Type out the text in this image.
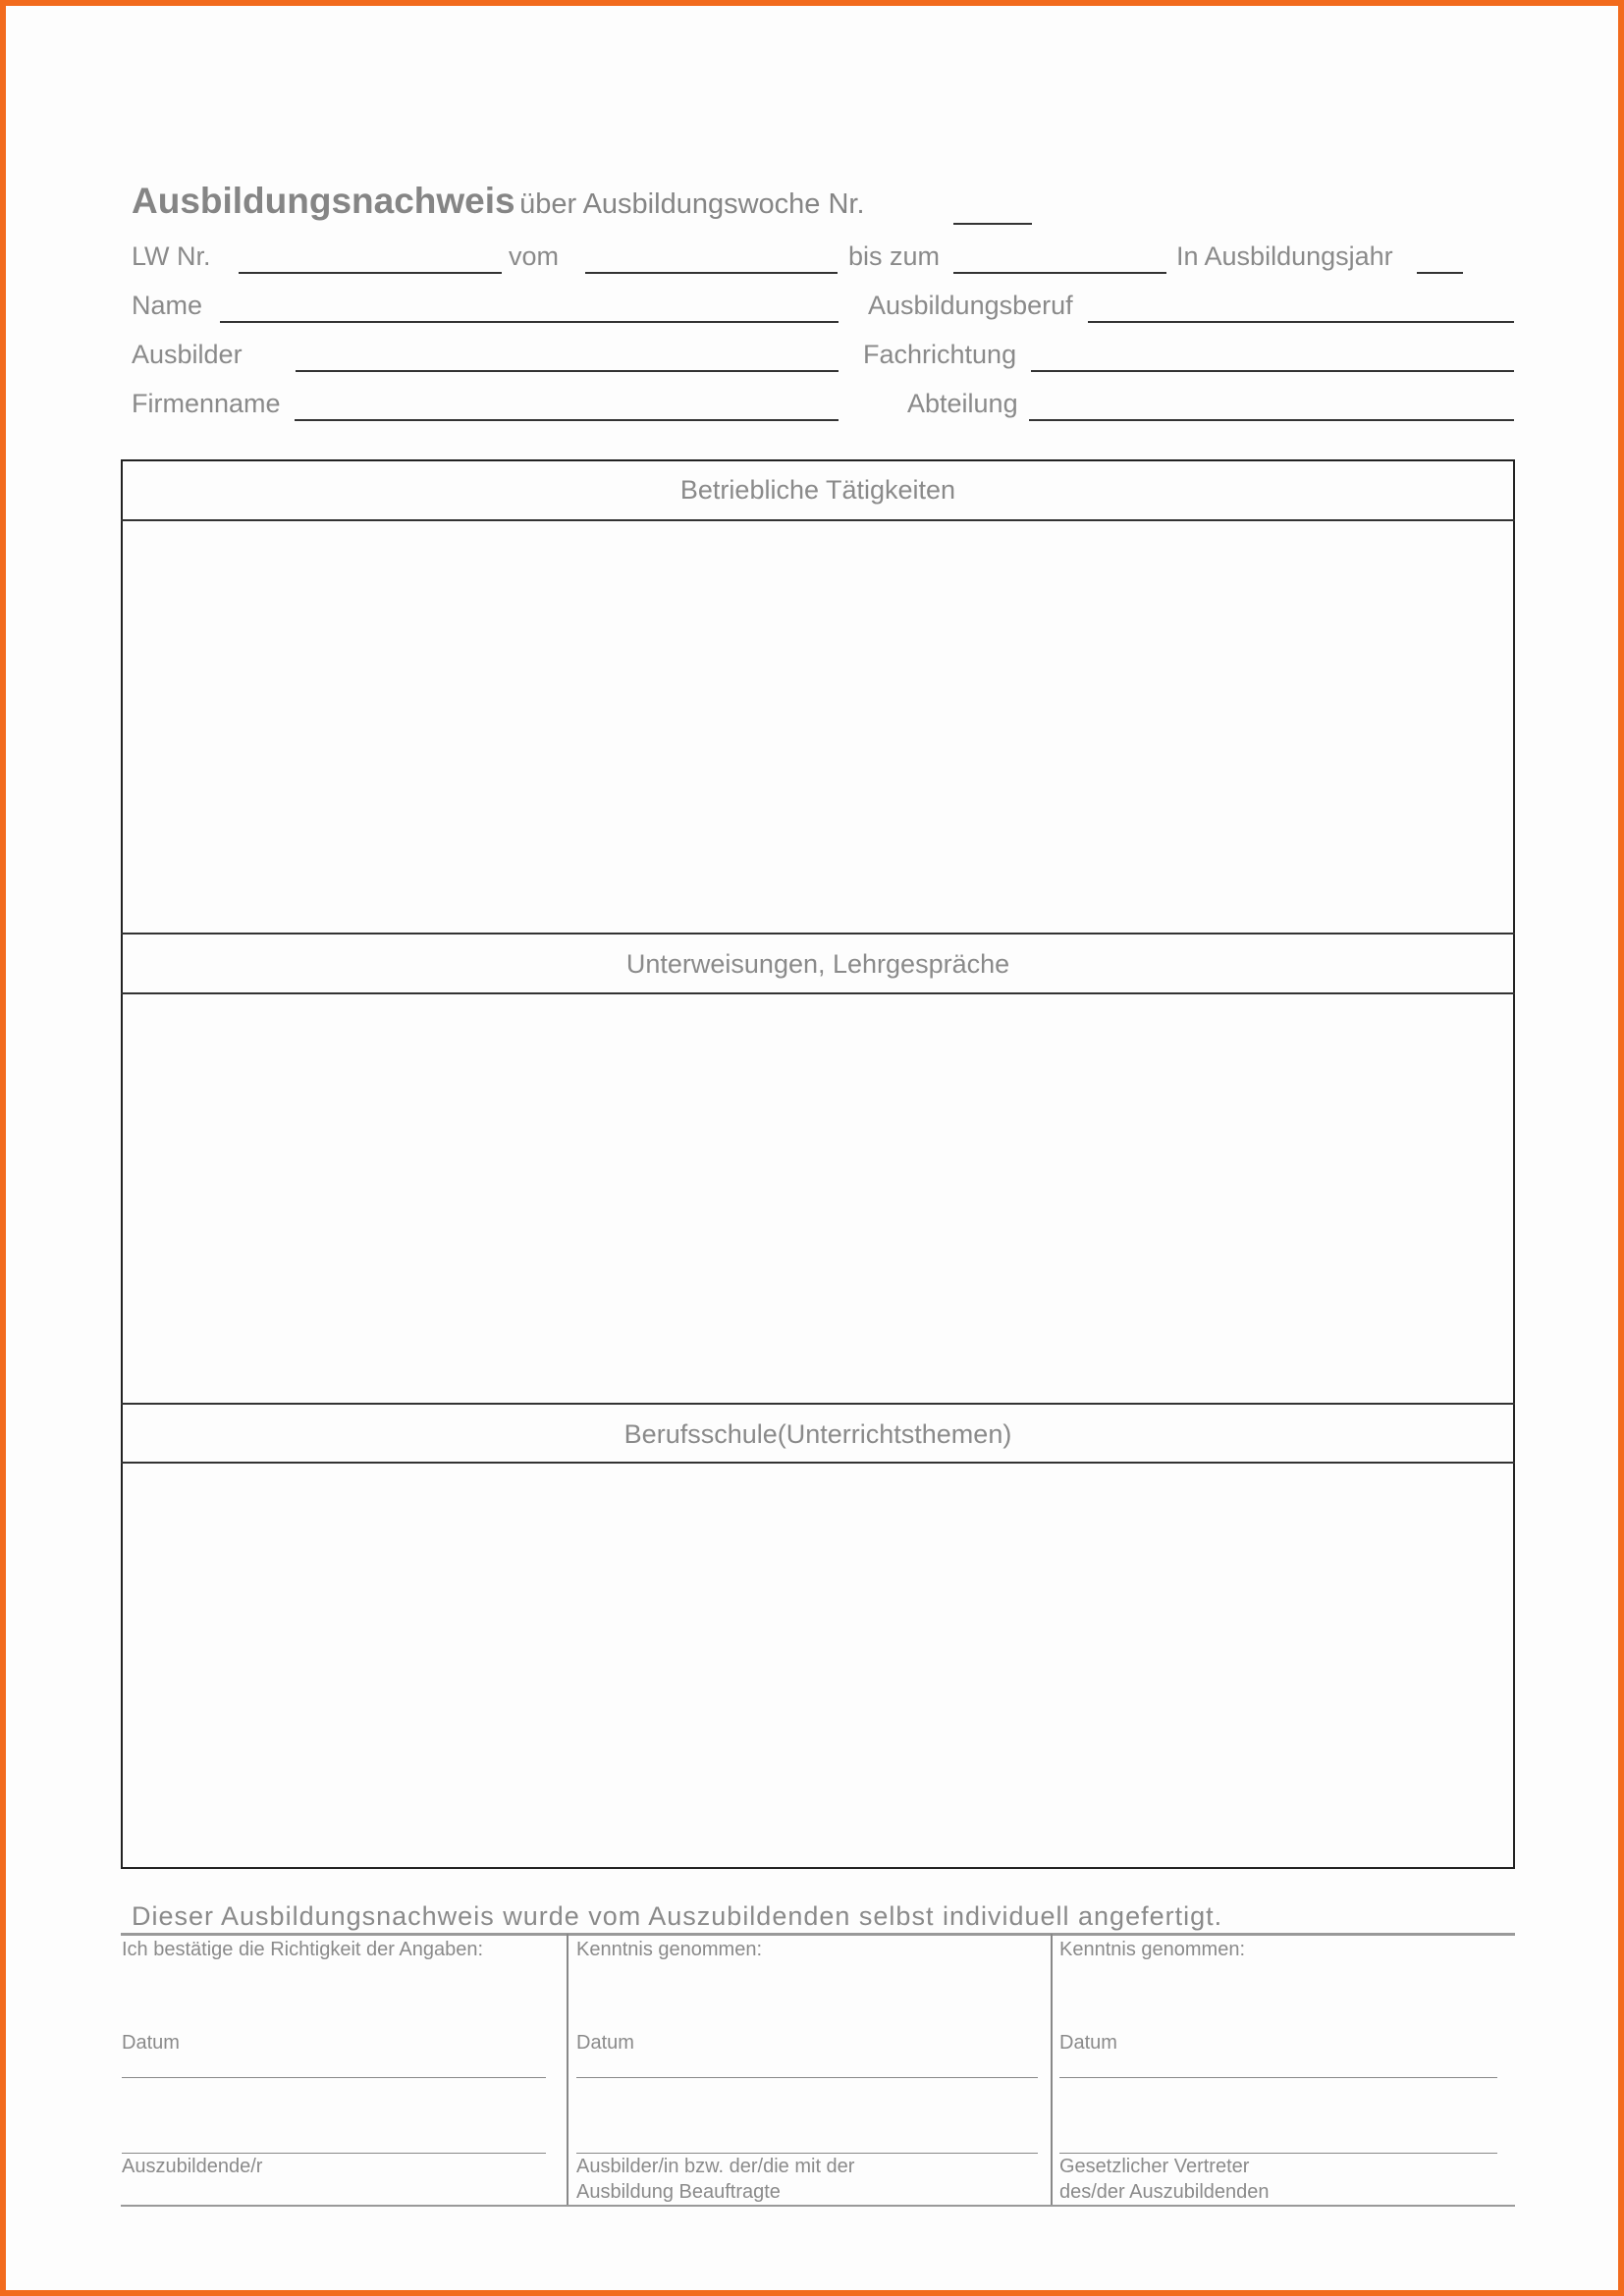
Ausbildungsnachweis über Ausbildungswoche Nr.
LW Nr.	vom	bis zum	In Ausbildungsjahr
Name	Ausbildungsberuf
Ausbilder	Fachrichtung
Firmenname	Abteilung
Betriebliche Tätigkeiten
Unterweisungen, Lehrgespräche
Berufsschule(Unterrichtsthemen)
Dieser Ausbildungsnachweis wurde vom Auszubildenden selbst individuell angefertigt.
Ich bestätige die Richtigkeit der Angaben:
Datum
Auszubildende/r
Kenntnis genommen:
Datum
Ausbilder/in bzw. der/die mit der
Ausbildung Beauftragte
Kenntnis genommen:
Datum
Gesetzlicher Vertreter
des/der Auszubildenden
